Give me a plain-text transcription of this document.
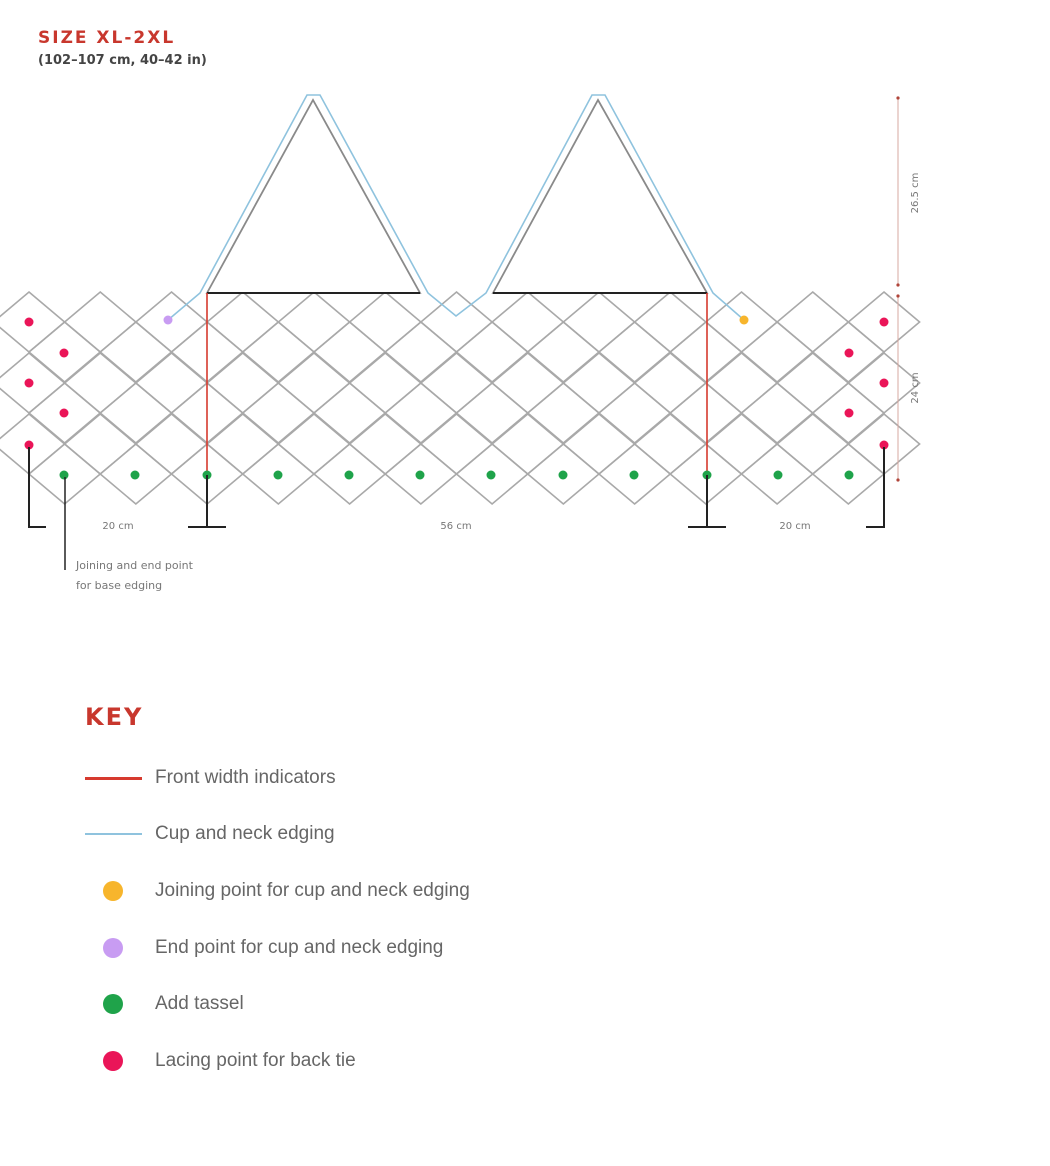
SIZE XL-2XL
(102–107 cm, 40–42 in)
20 cm	56 cm	20 cm
26.5 cm
24 cm
Joining and end point
for base edging
KEY
Front width indicators
Cup and neck edging
Joining point for cup and neck edging
End point for cup and neck edging
Add tassel
Lacing point for back tie
